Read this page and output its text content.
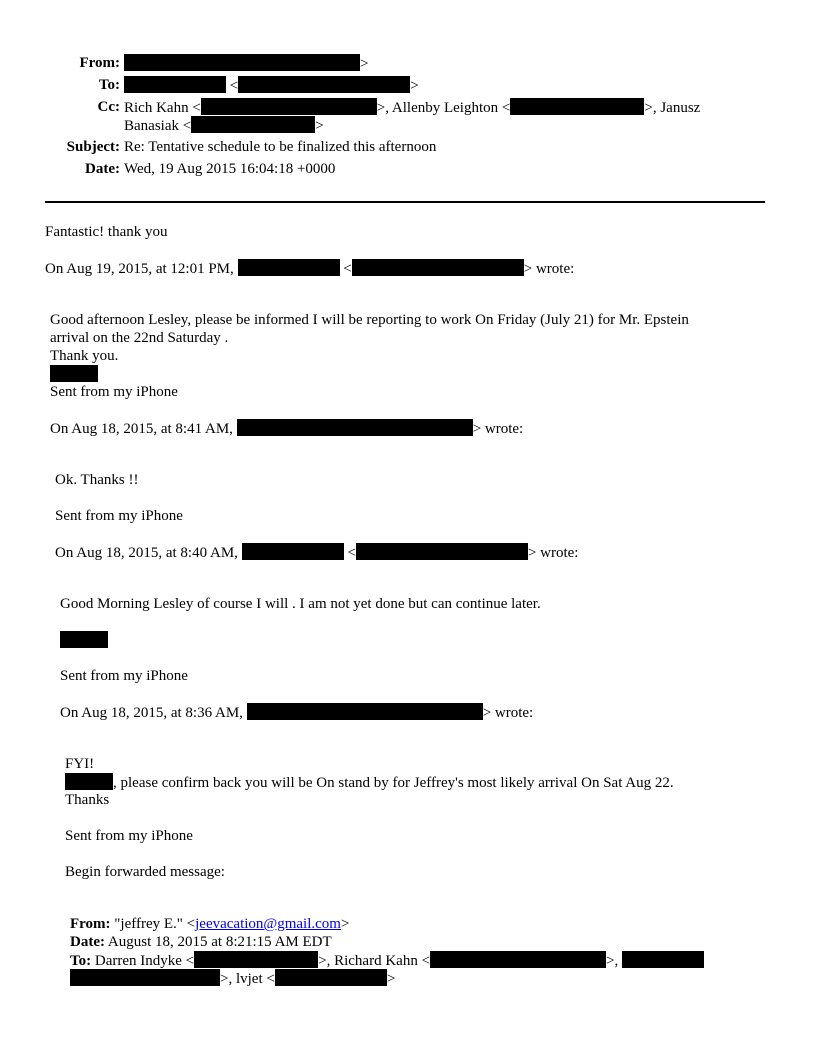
From:	>
To:	<	>
Cc: Rich Kahn <	>, Allenby Leighton <	>, Janusz
Banasiak <	>
Subject: Re: Tentative schedule to be finalized this afternoon
Date: Wed, 19 Aug 2015 16:04:18 +0000
Fantastic! thank you
On Aug 19, 2015, at 12:01 PM,	<	> wrote:
Good afternoon Lesley, please be informed I will be reporting to work On Friday (July 21) for Mr. Epstein
arrival on the 22nd Saturday .
Thank you.
Sent from my iPhone
On Aug 18, 2015, at 8:41 AM,	> wrote:
Ok. Thanks !!
Sent from my iPhone
On Aug 18, 2015, at 8:40 AM,	<	> wrote:
Good Morning Lesley of course I will . I am not yet done but can continue later.
Sent from my iPhone
On Aug 18, 2015, at 8:36 AM,	> wrote:
FYI!
, please confirm back you will be On stand by for Jeffrey's most likely arrival On Sat Aug 22.
Thanks
Sent from my iPhone
Begin forwarded message:
From: "jeffrey E." <jeevacation@gmail.com>
Date: August 18, 2015 at 8:21:15 AM EDT
To: Darren Indyke <	>, Richard Kahn <	>,
>, lvjet <	>
